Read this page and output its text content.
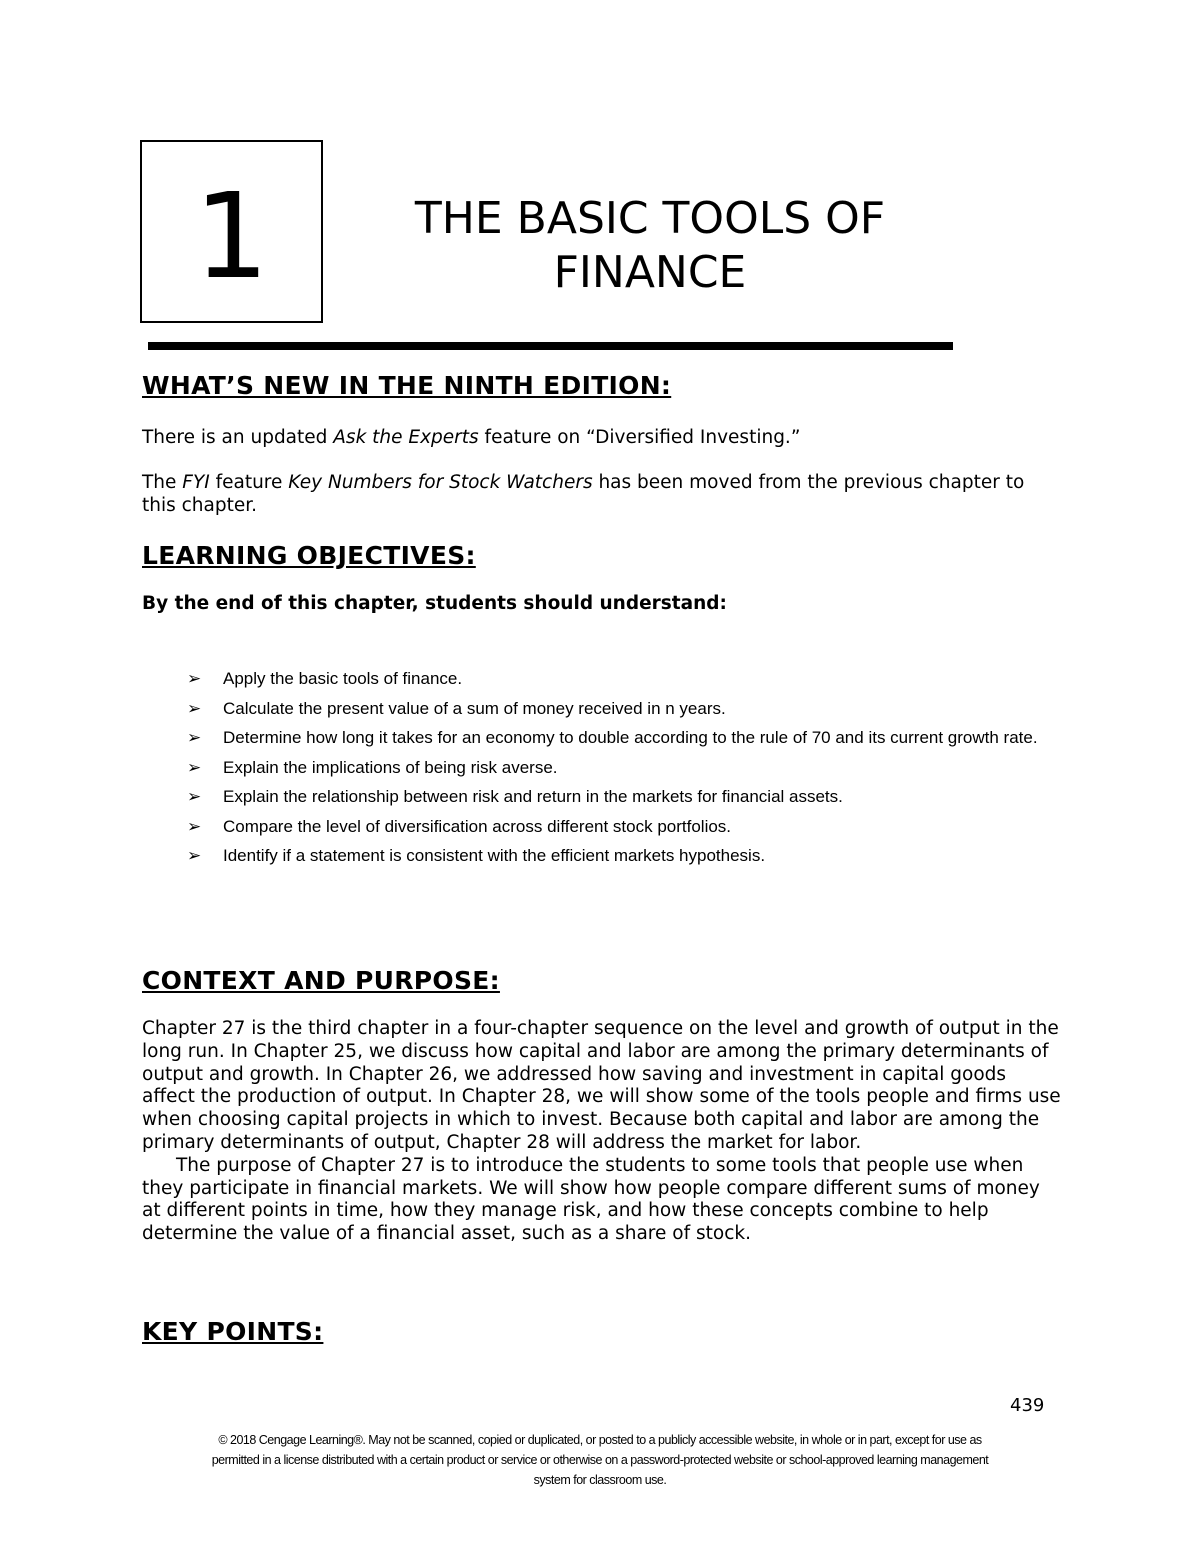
1	THE BASIC TOOLS OF
FINANCE
WHAT’S NEW IN THE NINTH EDITION:

There is an updated Ask the Experts feature on “Diversified Investing.”

The FYI feature Key Numbers for Stock Watchers has been moved from the previous chapter to this chapter.

LEARNING OBJECTIVES:

By the end of this chapter, students should understand:

➢ Apply the basic tools of finance.
➢ Calculate the present value of a sum of money received in n years.
➢ Determine how long it takes for an economy to double according to the rule of 70 and its current growth rate.
➢ Explain the implications of being risk averse.
➢ Explain the relationship between risk and return in the markets for financial assets.
➢ Compare the level of diversification across different stock portfolios.
➢ Identify if a statement is consistent with the efficient markets hypothesis.
CONTEXT AND PURPOSE:

Chapter 27 is the third chapter in a four-chapter sequence on the level and growth of output in the long run. In Chapter 25, we discuss how capital and labor are among the primary determinants of output and growth. In Chapter 26, we addressed how saving and investment in capital goods affect the production of output. In Chapter 28, we will show some of the tools people and firms use when choosing capital projects in which to invest. Because both capital and labor are among the primary determinants of output, Chapter 28 will address the market for labor.

The purpose of Chapter 27 is to introduce the students to some tools that people use when they participate in financial markets. We will show how people compare different sums of money at different points in time, how they manage risk, and how these concepts combine to help determine the value of a financial asset, such as a share of stock.

KEY POINTS:
439
© 2018 Cengage Learning®. May not be scanned, copied or duplicated, or posted to a publicly accessible website, in whole or in part, except for use as
permitted in a license distributed with a certain product or service or otherwise on a password-protected website or school-approved learning management
system for classroom use.
